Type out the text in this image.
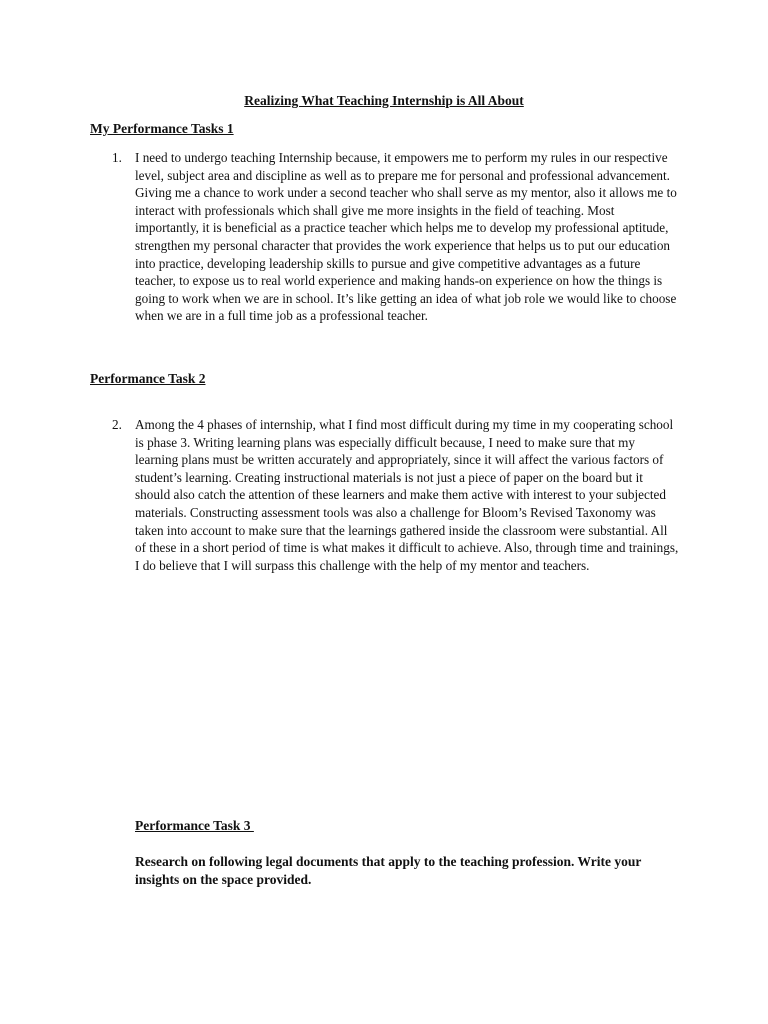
Realizing What Teaching Internship is All About
My Performance Tasks 1
1. I need to undergo teaching Internship because, it empowers me to perform my rules in our respective level, subject area and discipline as well as to prepare me for personal and professional advancement. Giving me a chance to work under a second teacher who shall serve as my mentor, also it allows me to interact with professionals which shall give me more insights in the field of teaching. Most importantly, it is beneficial as a practice teacher which helps me to develop my professional aptitude, strengthen my personal character that provides the work experience that helps us to put our education into practice, developing leadership skills to pursue and give competitive advantages as a future teacher, to expose us to real world experience and making hands-on experience on how the things is going to work when we are in school. It’s like getting an idea of what job role we would like to choose when we are in a full time job as a professional teacher.

Performance Task 2
2. Among the 4 phases of internship, what I find most difficult during my time in my cooperating school is phase 3. Writing learning plans was especially difficult because, I need to make sure that my learning plans must be written accurately and appropriately, since it will affect the various factors of student’s learning. Creating instructional materials is not just a piece of paper on the board but it should also catch the attention of these learners and make them active with interest to your subjected materials. Constructing assessment tools was also a challenge for Bloom’s Revised Taxonomy was taken into account to make sure that the learnings gathered inside the classroom were substantial. All of these in a short period of time is what makes it difficult to achieve. Also, through time and trainings, I do believe that I will surpass this challenge with the help of my mentor and teachers.

Performance Task 3

Research on following legal documents that apply to the teaching profession. Write your insights on the space provided.
